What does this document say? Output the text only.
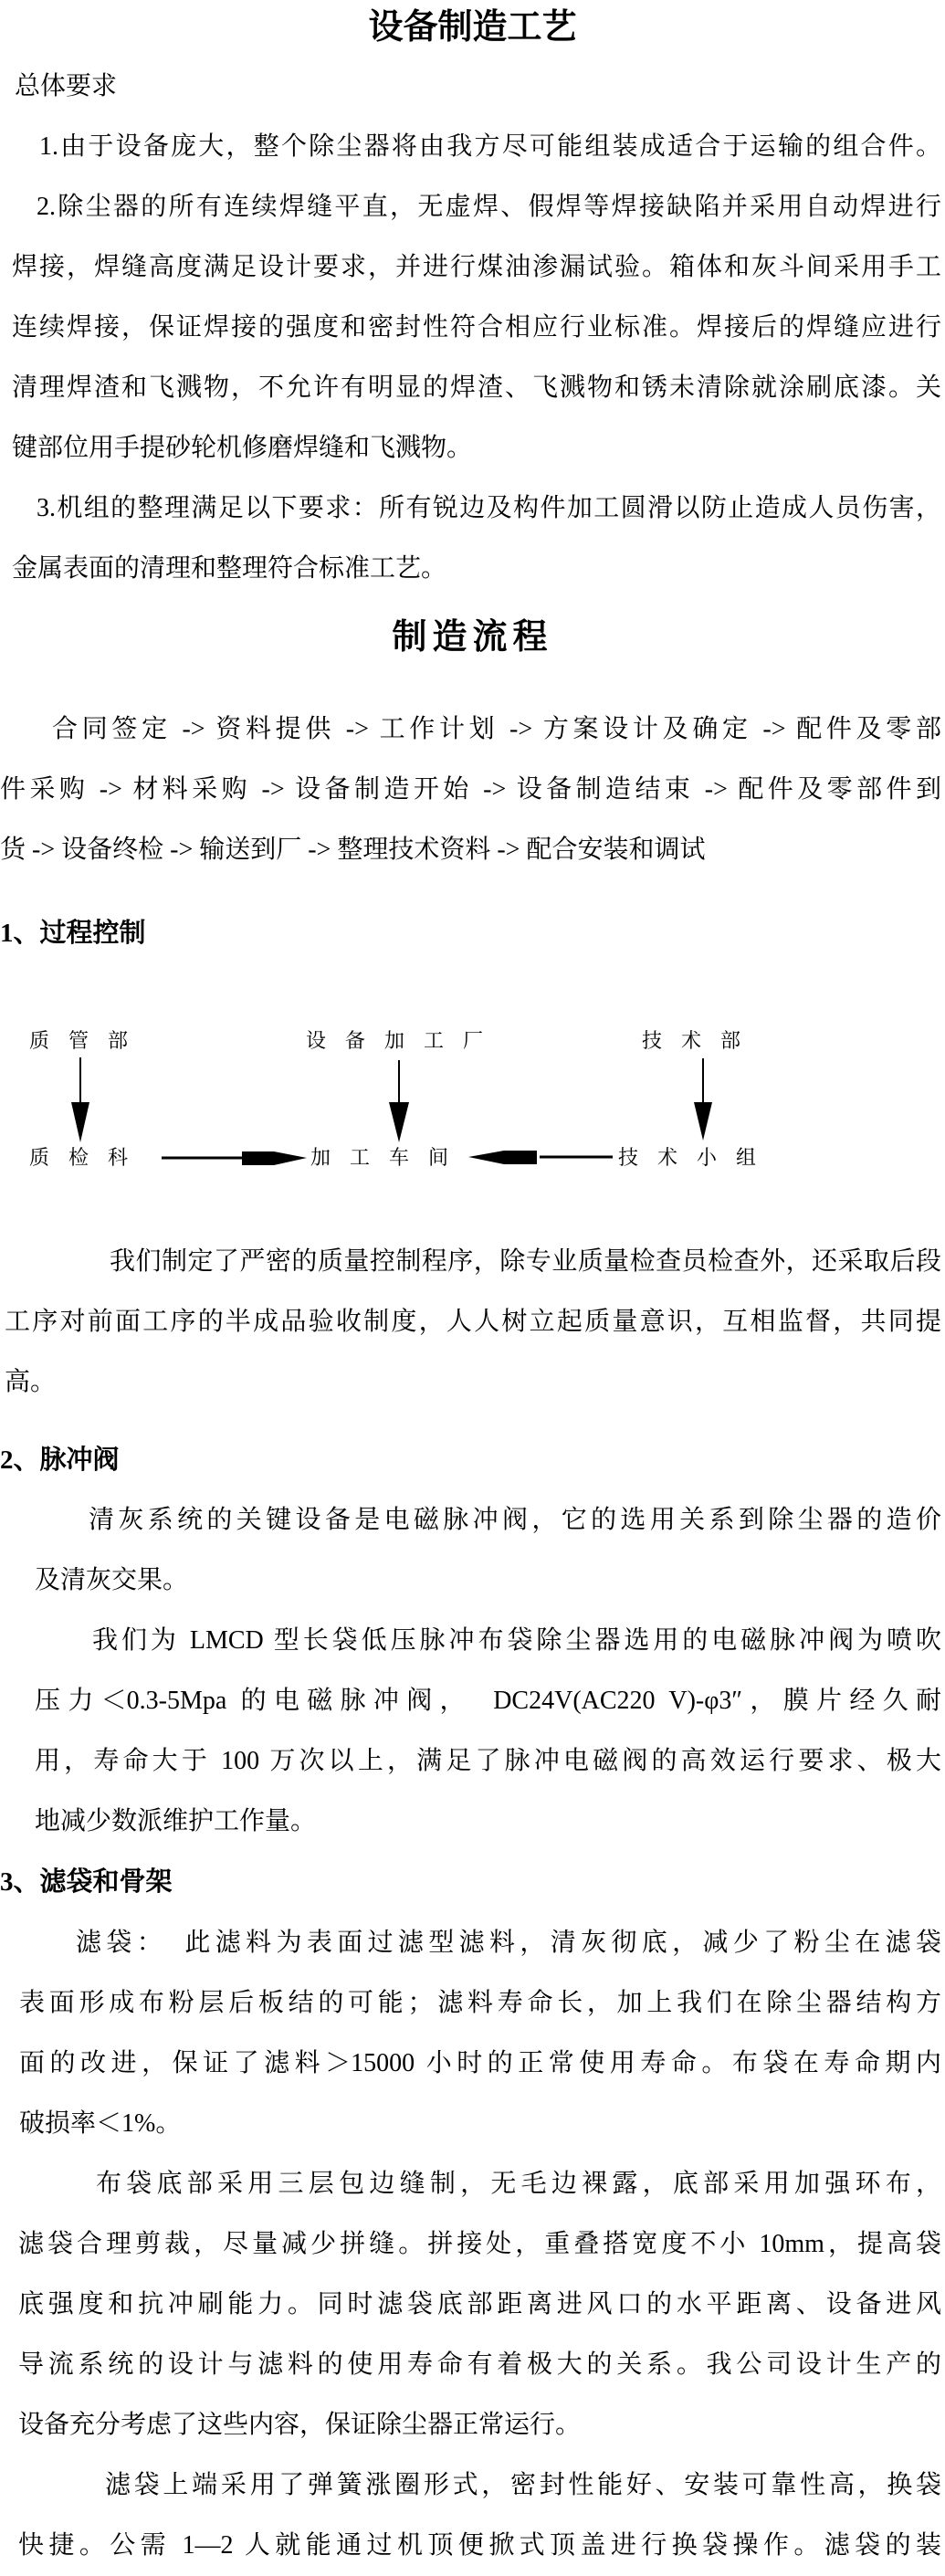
设备制造工艺
总体要求
1.由于设备庞大，整个除尘器将由我方尽可能组装成适合于运输的组合件。
2.除尘器的所有连续焊缝平直，无虚焊、假焊等焊接缺陷并采用自动焊进行
焊接，焊缝高度满足设计要求，并进行煤油渗漏试验。箱体和灰斗间采用手工
连续焊接，保证焊接的强度和密封性符合相应行业标准。焊接后的焊缝应进行
清理焊渣和飞溅物，不允许有明显的焊渣、飞溅物和锈未清除就涂刷底漆。关
键部位用手提砂轮机修磨焊缝和飞溅物。
3.机组的整理满足以下要求：所有锐边及构件加工圆滑以防止造成人员伤害，
金属表面的清理和整理符合标准工艺。
制造流程
合同签定 -> 资料提供 -> 工作计划 -> 方案设计及确定 -> 配件及零部
件采购 -> 材料采购 -> 设备制造开始 -> 设备制造结束 -> 配件及零部件到
货 -> 设备终检 -> 输送到厂 -> 整理技术资料 -> 配合安装和调试
1、过程控制
质管部	设备加工厂	技术部
质检科	加工车间	技术小组
我们制定了严密的质量控制程序，除专业质量检查员检查外，还采取后段
工序对前面工序的半成品验收制度，人人树立起质量意识，互相监督，共同提
高。
2、脉冲阀
清灰系统的关键设备是电磁脉冲阀，它的选用关系到除尘器的造价
及清灰交果。
我们为 LMCD 型长袋低压脉冲布袋除尘器选用的电磁脉冲阀为喷吹
压力＜0.3-5Mpa 的电磁脉冲阀，　DC24V(AC220 V)-φ3″，膜片经久耐
用，寿命大于 100 万次以上，满足了脉冲电磁阀的高效运行要求、极大
地减少数派维护工作量。
3、滤袋和骨架
滤袋：　此滤料为表面过滤型滤料，清灰彻底，减少了粉尘在滤袋
表面形成布粉层后板结的可能；滤料寿命长，加上我们在除尘器结构方
面的改进，保证了滤料＞15000 小时的正常使用寿命。布袋在寿命期内
破损率＜1%。
布袋底部采用三层包边缝制，无毛边裸露，底部采用加强环布，
滤袋合理剪裁，尽量减少拼缝。拼接处，重叠搭宽度不小 10mm，提高袋
底强度和抗冲刷能力。同时滤袋底部距离进风口的水平距离、设备进风
导流系统的设计与滤料的使用寿命有着极大的关系。我公司设计生产的
设备充分考虑了这些内容，保证除尘器正常运行。
滤袋上端采用了弹簧涨圈形式，密封性能好、安装可靠性高，换袋
快捷。公需 1—2 人就能通过机顶便掀式顶盖进行换袋操作。滤袋的装
